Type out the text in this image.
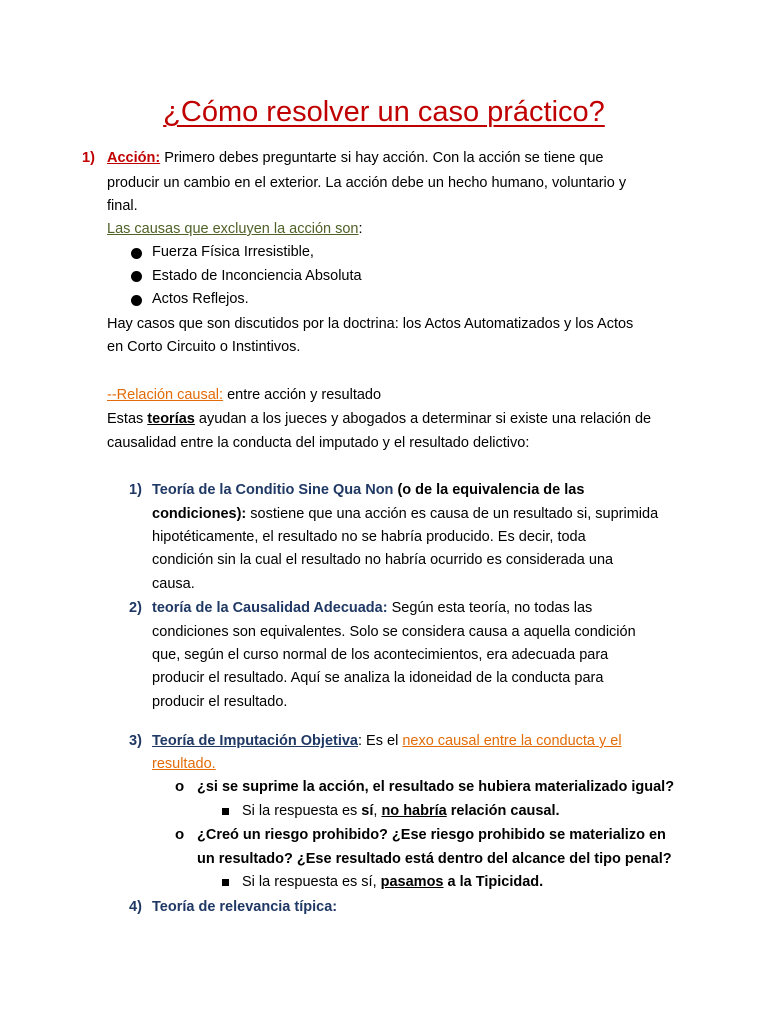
¿Cómo resolver un caso práctico?
1) Acción: Primero debes preguntarte si hay acción. Con la acción se tiene que
producir un cambio en el exterior. La acción debe un hecho humano, voluntario y
final.
Las causas que excluyen la acción son:
Fuerza Física Irresistible,
Estado de Inconciencia Absoluta
Actos Reflejos.
Hay casos que son discutidos por la doctrina: los Actos Automatizados y los Actos
en Corto Circuito o Instintivos.
--Relación causal: entre acción y resultado
Estas teorías ayudan a los jueces y abogados a determinar si existe una relación de
causalidad entre la conducta del imputado y el resultado delictivo:
1) Teoría de la Conditio Sine Qua Non (o de la equivalencia de las
condiciones): sostiene que una acción es causa de un resultado si, suprimida
hipotéticamente, el resultado no se habría producido. Es decir, toda
condición sin la cual el resultado no habría ocurrido es considerada una
causa.
2) teoría de la Causalidad Adecuada: Según esta teoría, no todas las
condiciones son equivalentes. Solo se considera causa a aquella condición
que, según el curso normal de los acontecimientos, era adecuada para
producir el resultado. Aquí se analiza la idoneidad de la conducta para
producir el resultado.
3) Teoría de Imputación Objetiva: Es el nexo causal entre la conducta y el
resultado.
o ¿si se suprime la acción, el resultado se hubiera materializado igual?
Si la respuesta es sí, no habría relación causal.
o ¿Creó un riesgo prohibido? ¿Ese riesgo prohibido se materializo en
un resultado? ¿Ese resultado está dentro del alcance del tipo penal?
Si la respuesta es sí, pasamos a la Tipicidad.
4) Teoría de relevancia típica:
